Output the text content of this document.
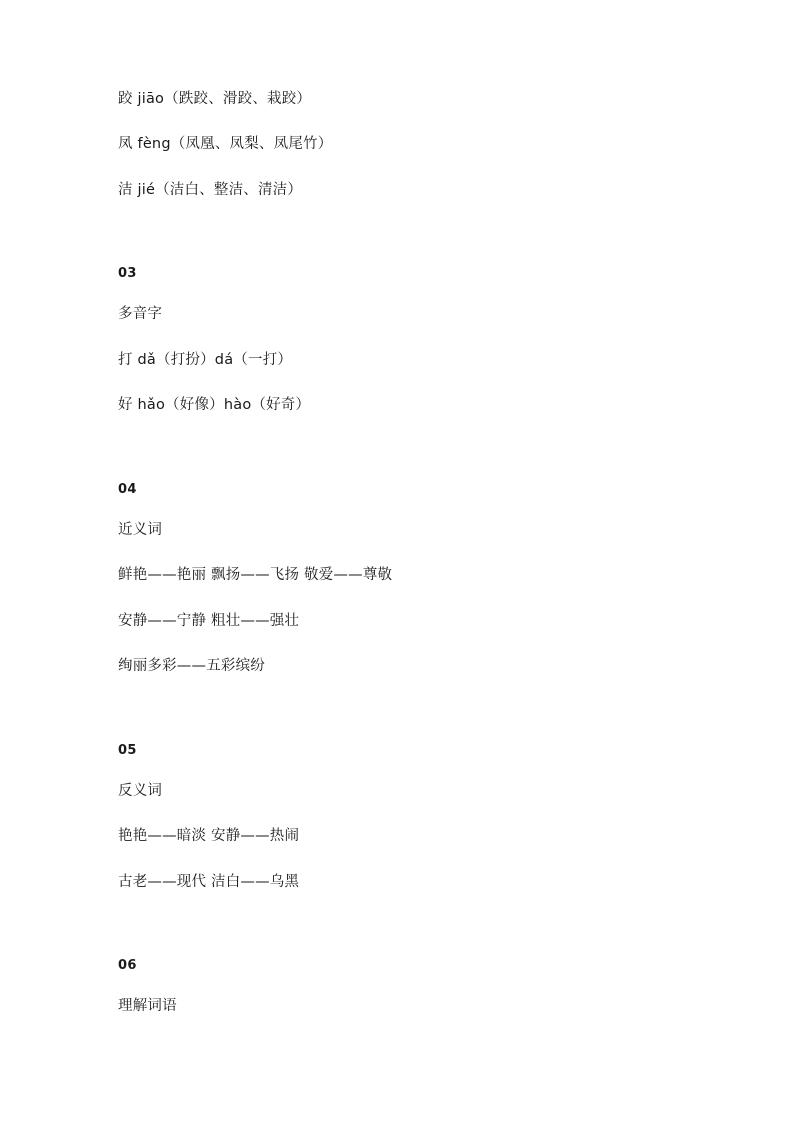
跤 jiāo（跌跤、滑跤、栽跤）

凤 fèng（凤凰、凤梨、凤尾竹）

洁 jié（洁白、整洁、清洁）

03

多音字

打 dǎ（打扮）dá（一打）

好 hǎo（好像）hào（好奇）

04

近义词

鲜艳——艳丽 飘扬——飞扬 敬爱——尊敬

安静——宁静 粗壮——强壮

绚丽多彩——五彩缤纷

05

反义词

艳艳——暗淡 安静——热闹

古老——现代 洁白——乌黑

06

理解词语
